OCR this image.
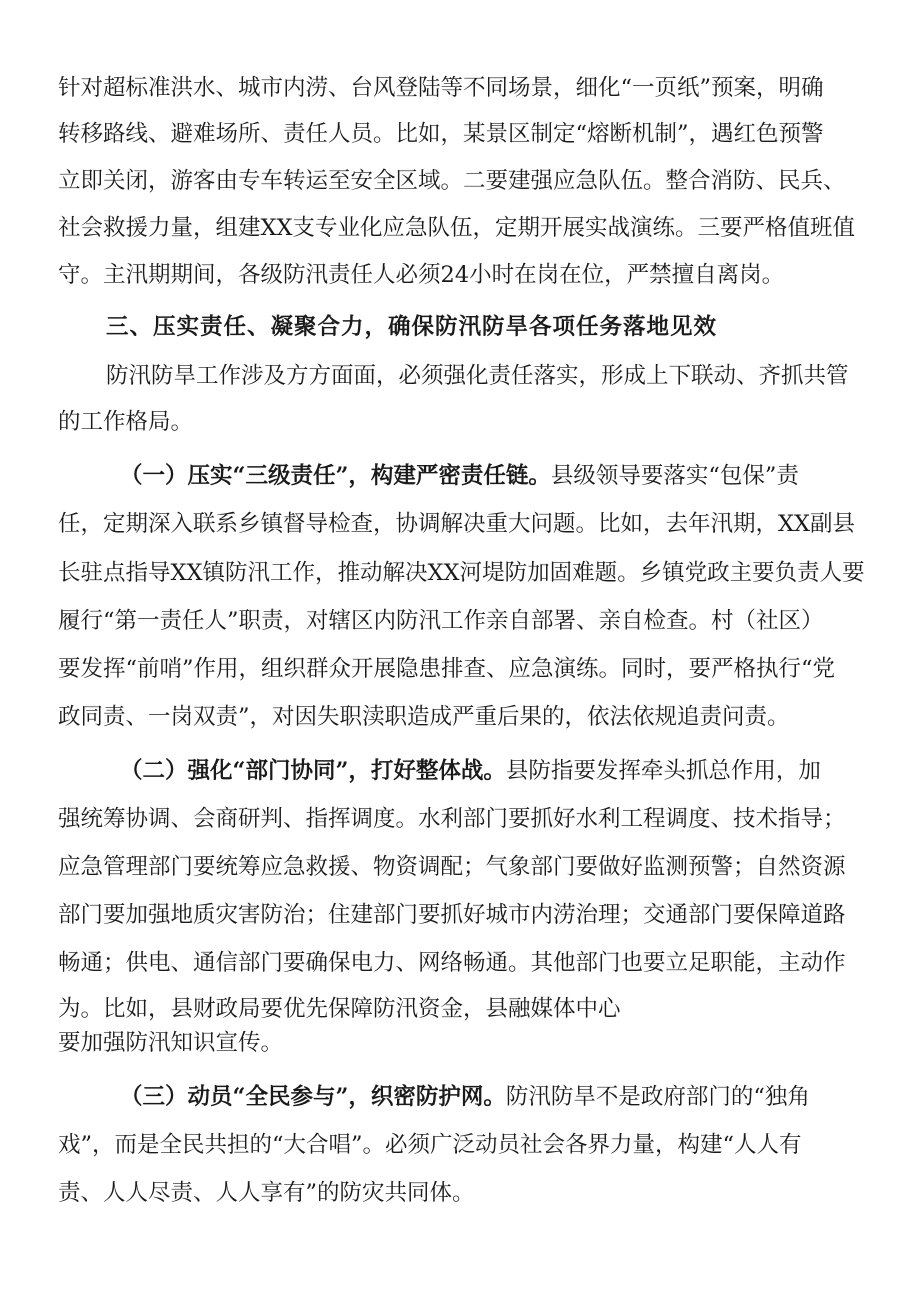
针对超标准洪水、城市内涝、台风登陆等不同场景，细化“一页纸”预案，明确
转移路线、避难场所、责任人员。比如，某景区制定“熔断机制”，遇红色预警
立即关闭，游客由专车转运至安全区域。二要建强应急队伍。整合消防、民兵、
社会救援力量，组建XX支专业化应急队伍，定期开展实战演练。三要严格值班值
守。主汛期期间，各级防汛责任人必须24小时在岗在位，严禁擅自离岗。
三、压实责任、凝聚合力，确保防汛防旱各项任务落地见效
防汛防旱工作涉及方方面面，必须强化责任落实，形成上下联动、齐抓共管
的工作格局。
（一）压实“三级责任”，构建严密责任链。县级领导要落实“包保”责
任，定期深入联系乡镇督导检查，协调解决重大问题。比如，去年汛期，XX副县
长驻点指导XX镇防汛工作，推动解决XX河堤防加固难题。乡镇党政主要负责人要
履行“第一责任人”职责，对辖区内防汛工作亲自部署、亲自检查。村（社区）
要发挥“前哨”作用，组织群众开展隐患排查、应急演练。同时，要严格执行“党
政同责、一岗双责”，对因失职渎职造成严重后果的，依法依规追责问责。
（二）强化“部门协同”，打好整体战。县防指要发挥牵头抓总作用，加
强统筹协调、会商研判、指挥调度。水利部门要抓好水利工程调度、技术指导；
应急管理部门要统筹应急救援、物资调配；气象部门要做好监测预警；自然资源
部门要加强地质灾害防治；住建部门要抓好城市内涝治理；交通部门要保障道路
畅通；供电、通信部门要确保电力、网络畅通。其他部门也要立足职能，主动作
为。比如，县财政局要优先保障防汛资金，县融媒体中心
要加强防汛知识宣传。
（三）动员“全民参与”，织密防护网。防汛防旱不是政府部门的“独角
戏”，而是全民共担的“大合唱”。必须广泛动员社会各界力量，构建“人人有
责、人人尽责、人人享有”的防灾共同体。
